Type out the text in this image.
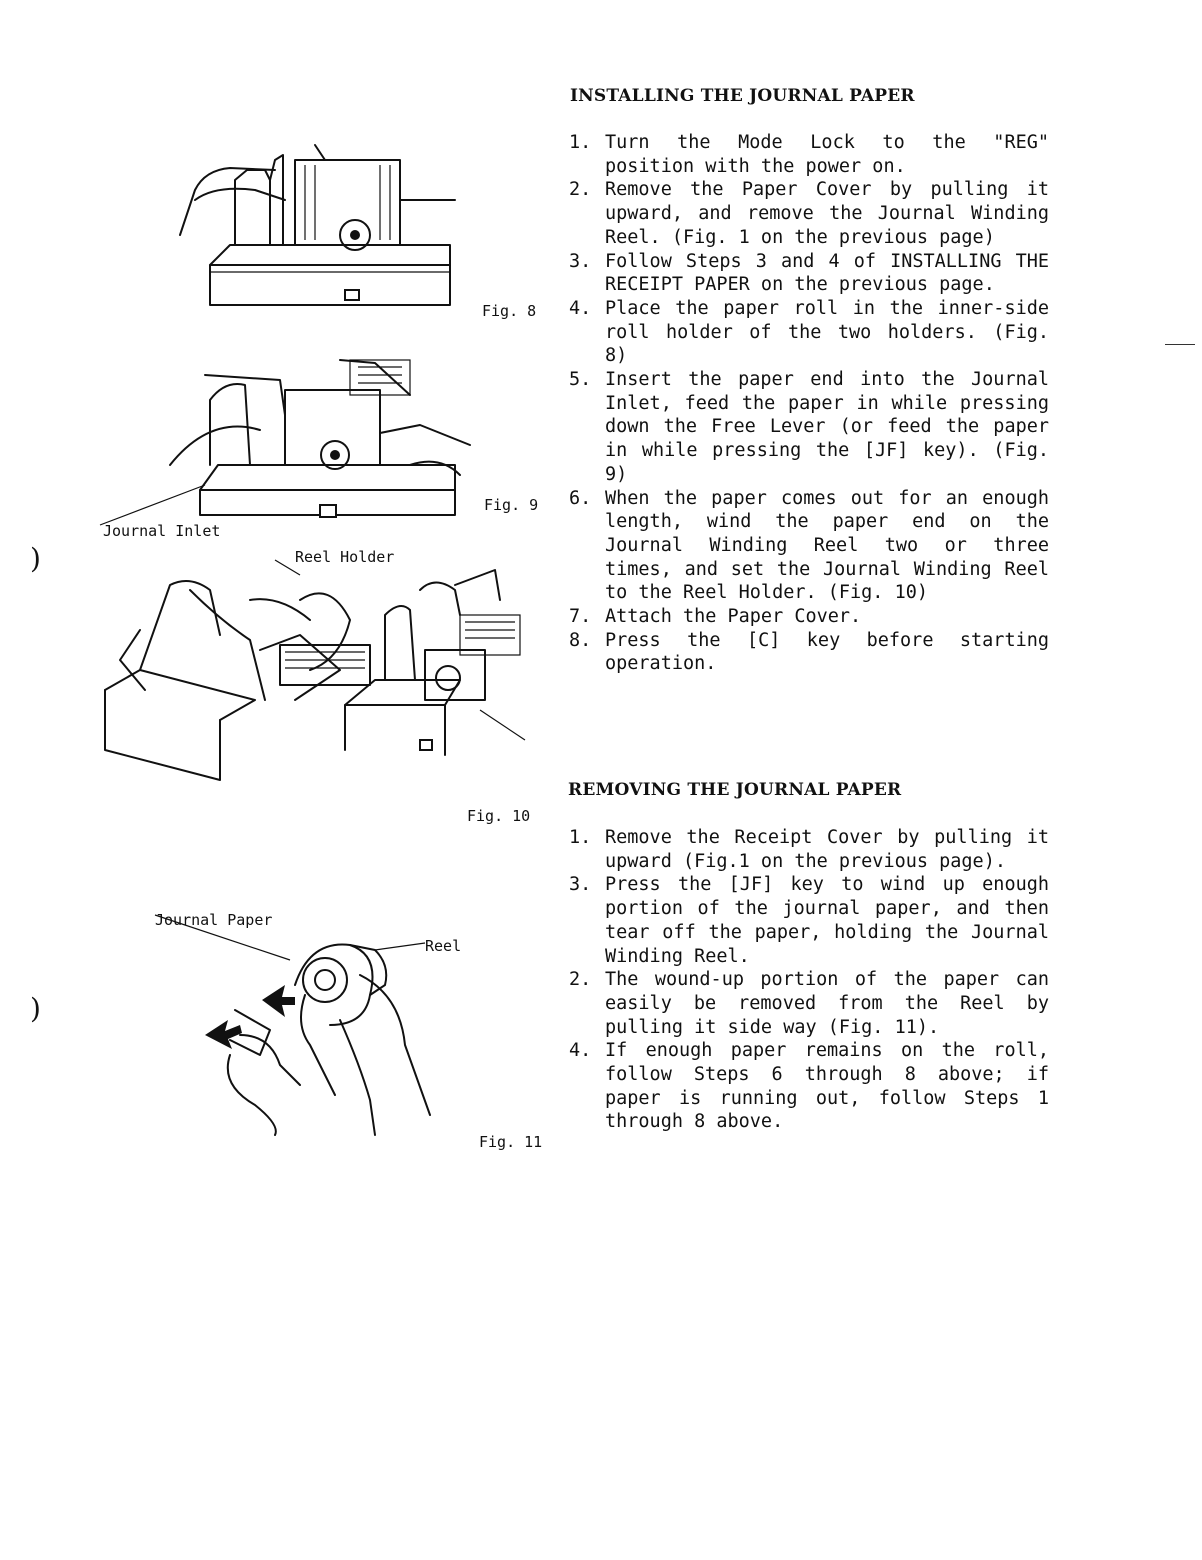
INSTALLING THE JOURNAL PAPER
1. Turn the Mode Lock to the "REG" position with the power on.
2. Remove the Paper Cover by pulling it upward, and remove the Journal Winding Reel. (Fig. 1 on the previous page)
3. Follow Steps 3 and 4 of INSTALLING THE RECEIPT PAPER on the previous page.
4. Place the paper roll in the inner-side roll holder of the two holders. (Fig. 8)
5. Insert the paper end into the Journal Inlet, feed the paper in while pressing down the Free Lever (or feed the paper in while pressing the [JF] key). (Fig. 9)
6. When the paper comes out for an enough length, wind the paper end on the Journal Winding Reel two or three times, and set the Journal Winding Reel to the Reel Holder. (Fig. 10)
7. Attach the Paper Cover.
8. Press the [C] key before starting operation.
REMOVING THE JOURNAL PAPER
1. Remove the Receipt Cover by pulling it upward (Fig.1 on the previous page).
3. Press the [JF] key to wind up enough portion of the journal paper, and then tear off the paper, holding the Journal Winding Reel.
2. The wound-up portion of the paper can easily be removed from the Reel by pulling it side way (Fig. 11).
4. If enough paper remains on the roll, follow Steps 6 through 8 above; if paper is running out, follow Steps 1 through 8 above.
Fig. 8
Fig. 9
Fig. 10
Fig. 11
Journal Inlet
Reel Holder
Journal Paper
Reel
)
)
